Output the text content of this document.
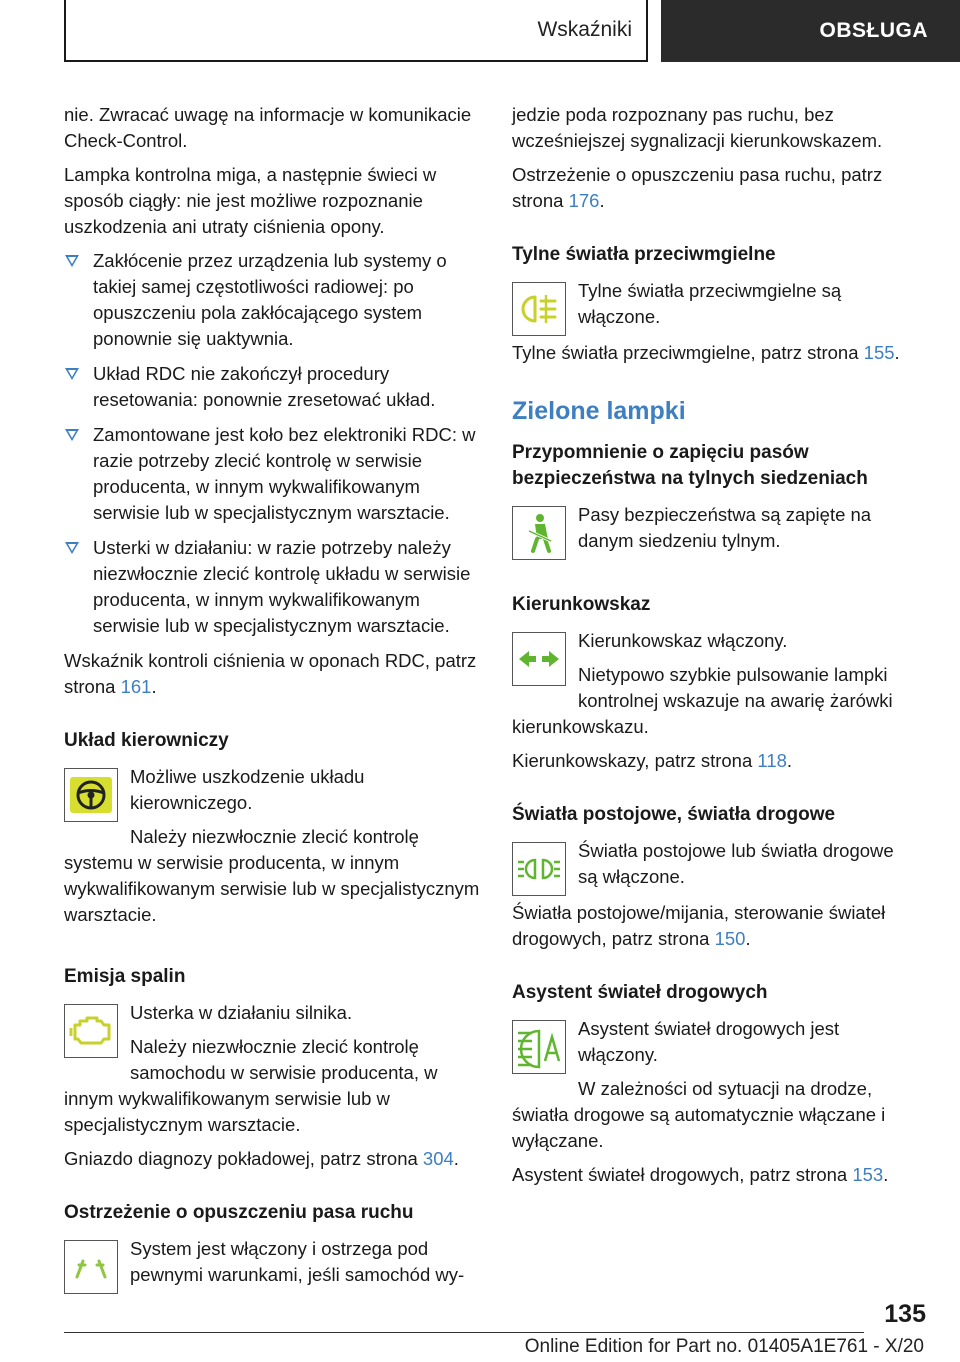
Wskaźniki	OBSŁUGA

nie. Zwracać uwagę na informacje w komunikacie Check-Control.

Lampka kontrolna miga, a następnie świeci w sposób ciągły: nie jest możliwe rozpoznanie uszkodzenia ani utraty ciśnienia opony.

Zakłócenie przez urządzenia lub systemy o takiej samej częstotliwości radiowej: po opuszczeniu pola zakłócającego system ponownie się uaktywnia.
Układ RDC nie zakończył procedury resetowania: ponownie zresetować układ.
Zamontowane jest koło bez elektroniki RDC: w razie potrzeby zlecić kontrolę w serwisie producenta, w innym wykwalifikowanym serwisie lub w specjalistycznym warsztacie.
Usterki w działaniu: w razie potrzeby należy niezwłocznie zlecić kontrolę układu w serwisie producenta, w innym wykwalifikowanym serwisie lub w specjalistycznym warsztacie.

Wskaźnik kontroli ciśnienia w oponach RDC, patrz strona 161.

Układ kierowniczy

Możliwe uszkodzenie układu kierowniczego.

Należy niezwłocznie zlecić kontrolę systemu w serwisie producenta, w innym wykwalifikowanym serwisie lub w specjalistycznym warsztacie.

Emisja spalin

Usterka w działaniu silnika.

Należy niezwłocznie zlecić kontrolę samochodu w serwisie producenta, w innym wykwalifikowanym serwisie lub w specjalistycznym warsztacie.

Gniazdo diagnozy pokładowej, patrz strona 304.

Ostrzeżenie o opuszczeniu pasa ruchu

System jest włączony i ostrzega pod pewnymi warunkami, jeśli samochód wy-

jedzie poda rozpoznany pas ruchu, bez wcześniejszej sygnalizacji kierunkowskazem.

Ostrzeżenie o opuszczeniu pasa ruchu, patrz strona 176.

Tylne światła przeciwmgielne

Tylne światła przeciwmgielne są włączone.

Tylne światła przeciwmgielne, patrz strona 155.

Zielone lampki
Przypomnienie o zapięciu pasów bezpieczeństwa na tylnych siedzeniach

Pasy bezpieczeństwa są zapięte na danym siedzeniu tylnym.

Kierunkowskaz

Kierunkowskaz włączony.

Nietypowo szybkie pulsowanie lampki kontrolnej wskazuje na awarię żarówki kierunkowskazu.

Kierunkowskazy, patrz strona 118.

Światła postojowe, światła drogowe

Światła postojowe lub światła drogowe są włączone.

Światła postojowe/mijania, sterowanie świateł drogowych, patrz strona 150.

Asystent świateł drogowych

Asystent świateł drogowych jest włączony.

W zależności od sytuacji na drodze, światła drogowe są automatycznie włączane i wyłączane.

Asystent świateł drogowych, patrz strona 153.

135
Online Edition for Part no. 01405A1E761 - X/20
